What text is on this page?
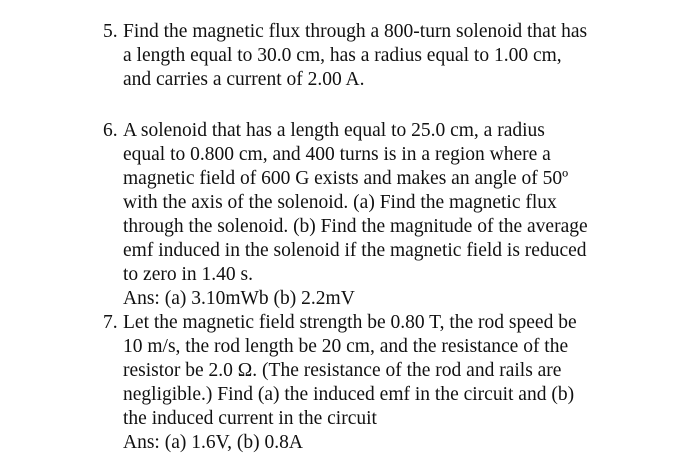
5. Find the magnetic flux through a 800-turn solenoid that has
a length equal to 30.0 cm, has a radius equal to 1.00 cm,
and carries a current of 2.00 A.
6. A solenoid that has a length equal to 25.0 cm, a radius
equal to 0.800 cm, and 400 turns is in a region where a
magnetic field of 600 G exists and makes an angle of 50º
with the axis of the solenoid. (a) Find the magnetic flux
through the solenoid. (b) Find the magnitude of the average
emf induced in the solenoid if the magnetic field is reduced
to zero in 1.40 s.
Ans: (a) 3.10mWb (b) 2.2mV
7. Let the magnetic field strength be 0.80 T, the rod speed be
10 m/s, the rod length be 20 cm, and the resistance of the
resistor be 2.0 Ω. (The resistance of the rod and rails are
negligible.) Find (a) the induced emf in the circuit and (b)
the induced current in the circuit
Ans: (a) 1.6V, (b) 0.8A
